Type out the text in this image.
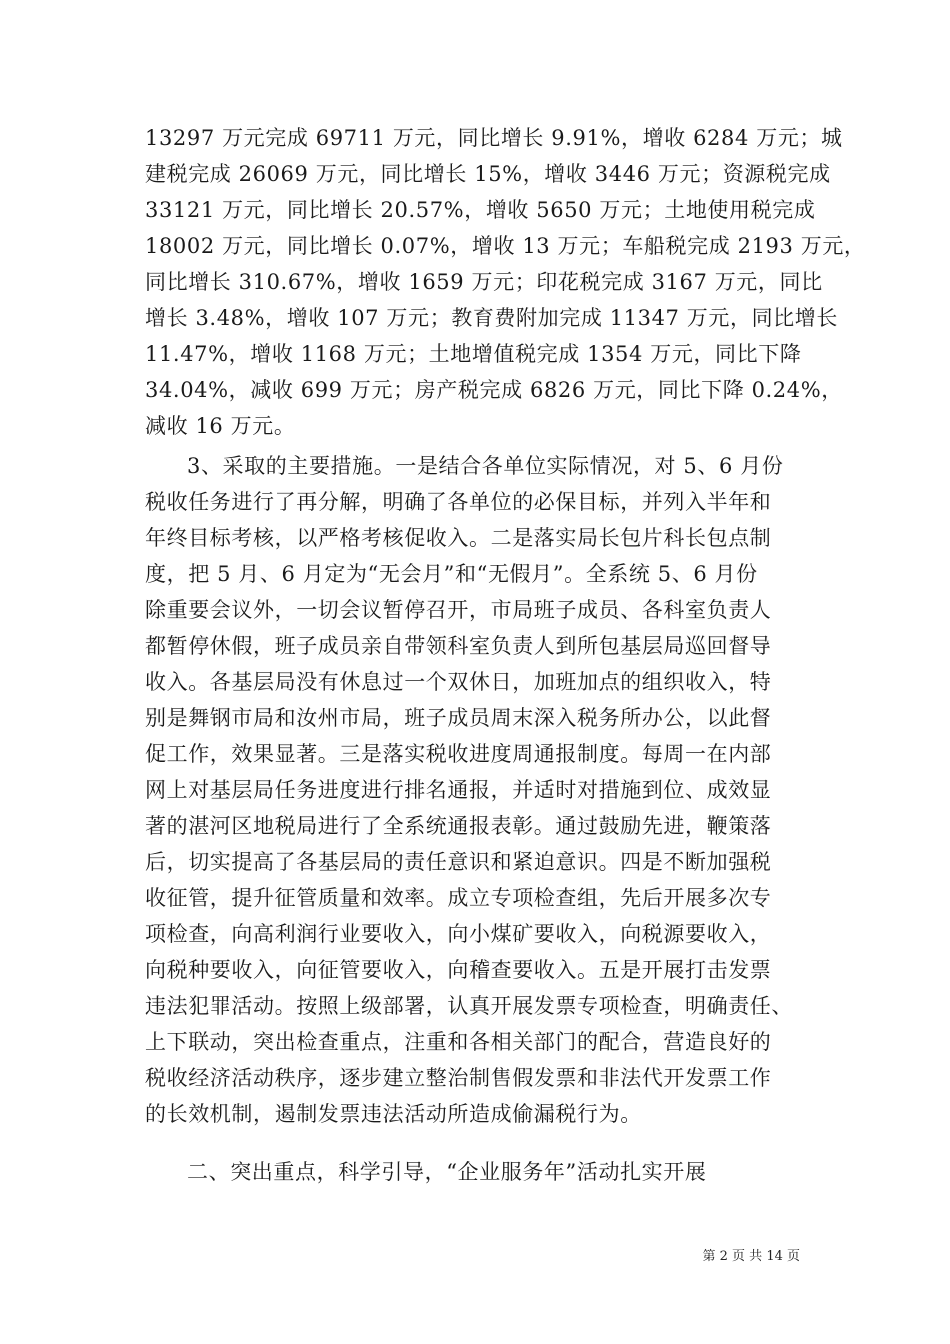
13297 万元完成 69711 万元，同比增长 9.91%，增收 6284 万元；城
建税完成 26069 万元，同比增长 15%，增收 3446 万元；资源税完成
33121 万元，同比增长 20.57%，增收 5650 万元；土地使用税完成
18002 万元，同比增长 0.07%，增收 13 万元；车船税完成 2193 万元，
同比增长 310.67%，增收 1659 万元；印花税完成 3167 万元，同比
增长 3.48%，增收 107 万元；教育费附加完成 11347 万元，同比增长
11.47%，增收 1168 万元；土地增值税完成 1354 万元，同比下降
34.04%，减收 699 万元；房产税完成 6826 万元，同比下降 0.24%，
减收 16 万元。
3、采取的主要措施。一是结合各单位实际情况，对 5、6 月份
税收任务进行了再分解，明确了各单位的必保目标，并列入半年和
年终目标考核，以严格考核促收入。二是落实局长包片科长包点制
度，把 5 月、6 月定为“无会月”和“无假月”。全系统 5、6 月份
除重要会议外，一切会议暂停召开，市局班子成员、各科室负责人
都暂停休假，班子成员亲自带领科室负责人到所包基层局巡回督导
收入。各基层局没有休息过一个双休日，加班加点的组织收入，特
别是舞钢市局和汝州市局，班子成员周末深入税务所办公，以此督
促工作，效果显著。三是落实税收进度周通报制度。每周一在内部
网上对基层局任务进度进行排名通报，并适时对措施到位、成效显
著的湛河区地税局进行了全系统通报表彰。通过鼓励先进，鞭策落
后，切实提高了各基层局的责任意识和紧迫意识。四是不断加强税
收征管，提升征管质量和效率。成立专项检查组，先后开展多次专
项检查，向高利润行业要收入，向小煤矿要收入，向税源要收入，
向税种要收入，向征管要收入，向稽查要收入。五是开展打击发票
违法犯罪活动。按照上级部署，认真开展发票专项检查，明确责任、
上下联动，突出检查重点，注重和各相关部门的配合，营造良好的
税收经济活动秩序，逐步建立整治制售假发票和非法代开发票工作
的长效机制，遏制发票违法活动所造成偷漏税行为。
二、突出重点，科学引导，“企业服务年”活动扎实开展
第 2 页 共 14 页
